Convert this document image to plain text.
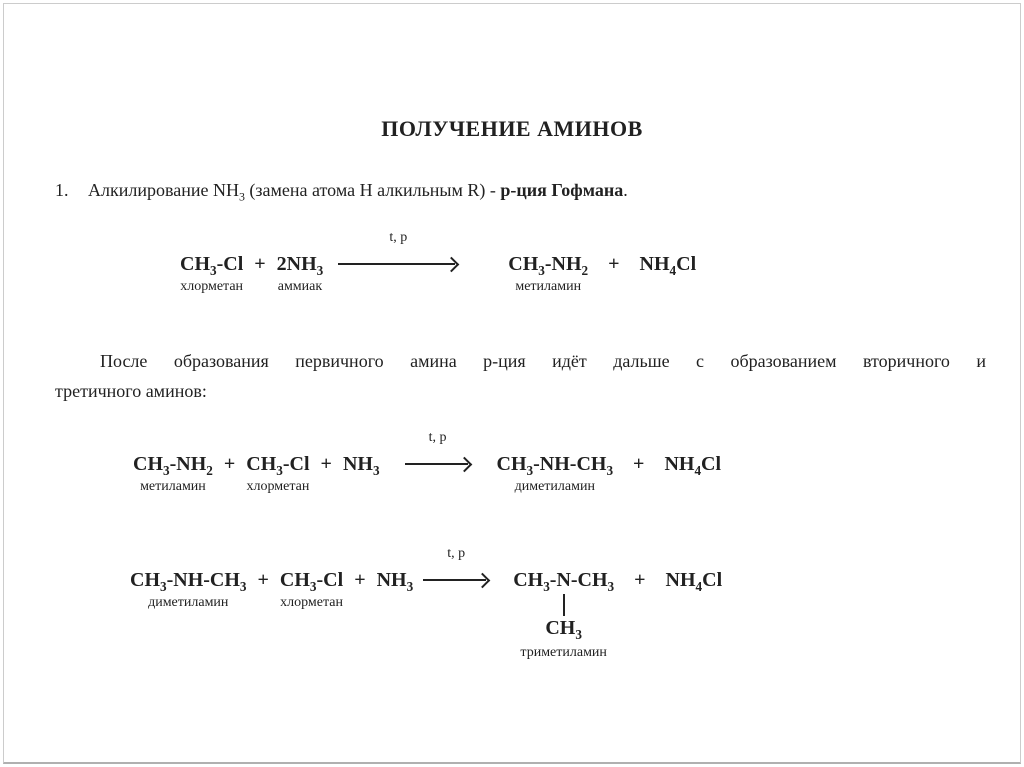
ПОЛУЧЕНИЕ АМИНОВ

1. Алкилирование $NH_3$ (замена атома Н алкильным R) - р-ция Гофмана.

$CH_3-Cl$
хлорметан
+ $2NH_3$
аммиак
t, p
$CH_3-NH_2$
метиламин
+	$NH_4Cl$

После образования первичного амина р-ция идёт дальше с образованием вторичного и
третичного аминов:

$CH_3-NH_2$
метиламин
+ $CH_3-Cl$
хлорметан
+ $NH_3$
t, p
$CH_3-NH-CH_3$
диметиламин
+	$NH_4Cl$
$CH_3-NH-CH_3$
диметиламин
+ $CH_3-Cl$
хлорметан
+ $NH_3$
t, p
$CH_3-N-CH_3$
$CH_3$
триметиламин
+	$NH_4Cl$
